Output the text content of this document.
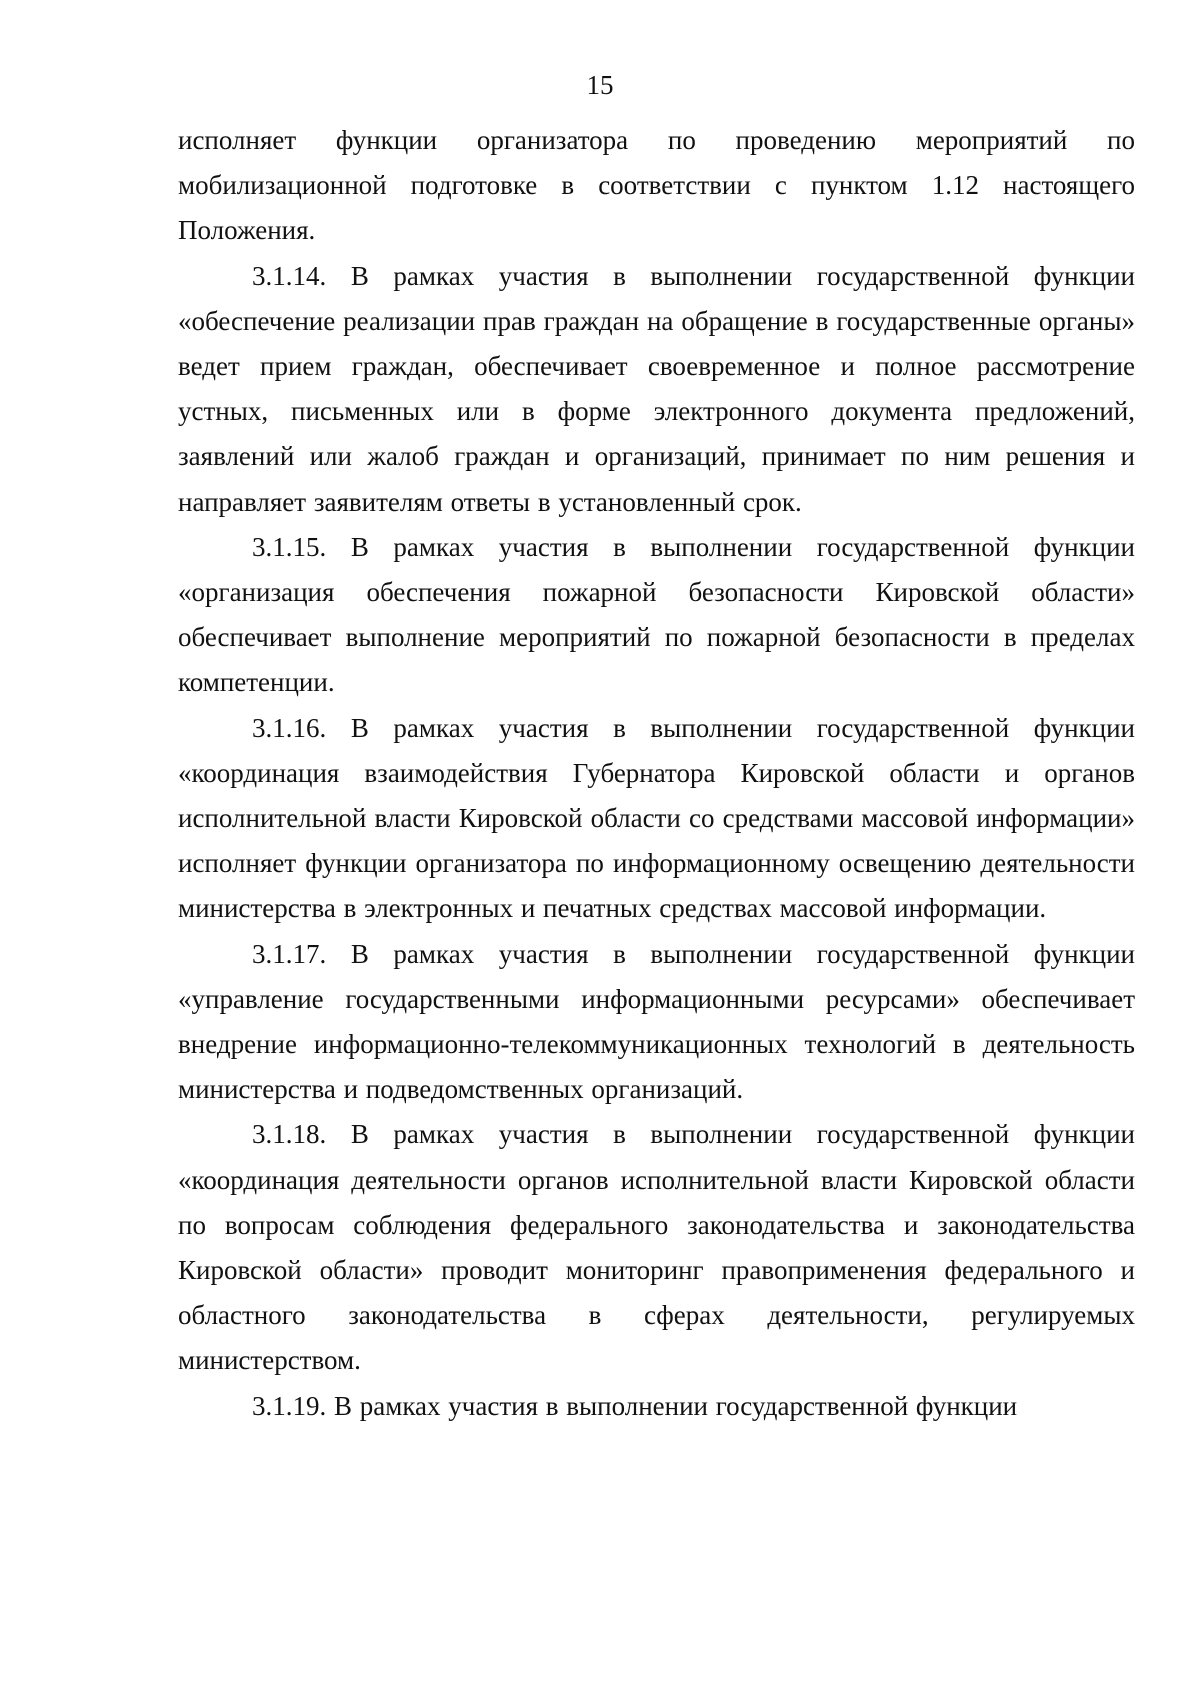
15

исполняет функции организатора по проведению мероприятий по мобилизационной подготовке в соответствии с пунктом 1.12 настоящего Положения.

3.1.14. В рамках участия в выполнении государственной функции «обеспечение реализации прав граждан на обращение в государственные органы» ведет прием граждан, обеспечивает своевременное и полное рассмотрение устных, письменных или в форме электронного документа предложений, заявлений или жалоб граждан и организаций, принимает по ним решения и направляет заявителям ответы в установленный срок.

3.1.15. В рамках участия в выполнении государственной функции «организация обеспечения пожарной безопасности Кировской области» обеспечивает выполнение мероприятий по пожарной безопасности в пределах компетенции.

3.1.16. В рамках участия в выполнении государственной функции «координация взаимодействия Губернатора Кировской области и органов исполнительной власти Кировской области со средствами массовой информации» исполняет функции организатора по информационному освещению деятельности министерства в электронных и печатных средствах массовой информации.

3.1.17. В рамках участия в выполнении государственной функции «управление государственными информационными ресурсами» обеспечивает внедрение информационно-телекоммуникационных технологий в деятельность министерства и подведомственных организаций.

3.1.18. В рамках участия в выполнении государственной функции «координация деятельности органов исполнительной власти Кировской области по вопросам соблюдения федерального законодательства и законодательства Кировской области» проводит мониторинг правоприменения федерального и областного законодательства в сферах деятельности, регулируемых министерством.

3.1.19. В рамках участия в выполнении государственной функции
